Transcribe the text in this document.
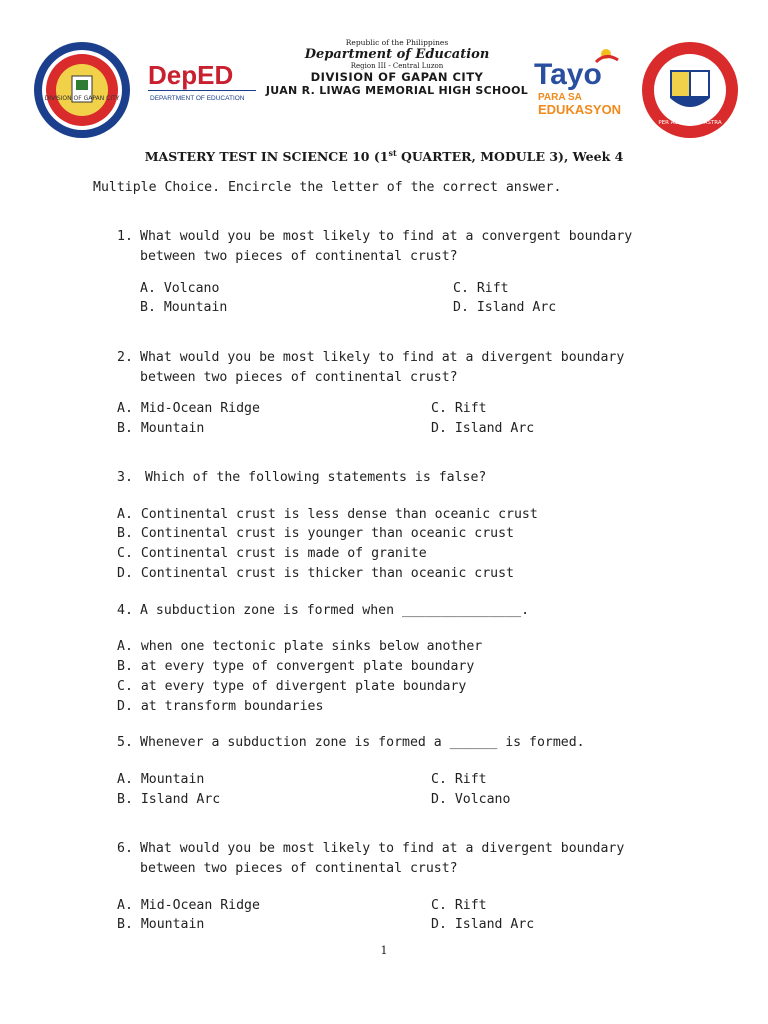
DIVISION OF GAPAN CITY
DepED
DEPARTMENT OF EDUCATION
Republic of the Philippines
Department of Education
Region III - Central Luzon
DIVISION OF GAPAN CITY
JUAN R. LIWAG MEMORIAL HIGH SCHOOL Tayo
PARA SA
EDUKASYON
PER ASPERA AD ASTRA
MASTERY TEST IN SCIENCE 10 (1st QUARTER, MODULE 3), Week 4
Multiple Choice. Encircle the letter of the correct answer.
1. What would you be most likely to find at a convergent boundary
between two pieces of continental crust?
A. Volcano
B. Mountain
C. Rift
D. Island Arc
2. What would you be most likely to find at a divergent boundary
between two pieces of continental crust?
A. Mid-Ocean Ridge
B. Mountain
C. Rift
D. Island Arc
3. Which of the following statements is false?
A. Continental crust is less dense than oceanic crust
B. Continental crust is younger than oceanic crust
C. Continental crust is made of granite
D. Continental crust is thicker than oceanic crust
4. A subduction zone is formed when _______________.
A. when one tectonic plate sinks below another
B. at every type of convergent plate boundary
C. at every type of divergent plate boundary
D. at transform boundaries
5. Whenever a subduction zone is formed a ______ is formed.
A. Mountain
B. Island Arc
C. Rift
D. Volcano
6. What would you be most likely to find at a divergent boundary
between two pieces of continental crust?
A. Mid-Ocean Ridge
B. Mountain
C. Rift
D. Island Arc
1
